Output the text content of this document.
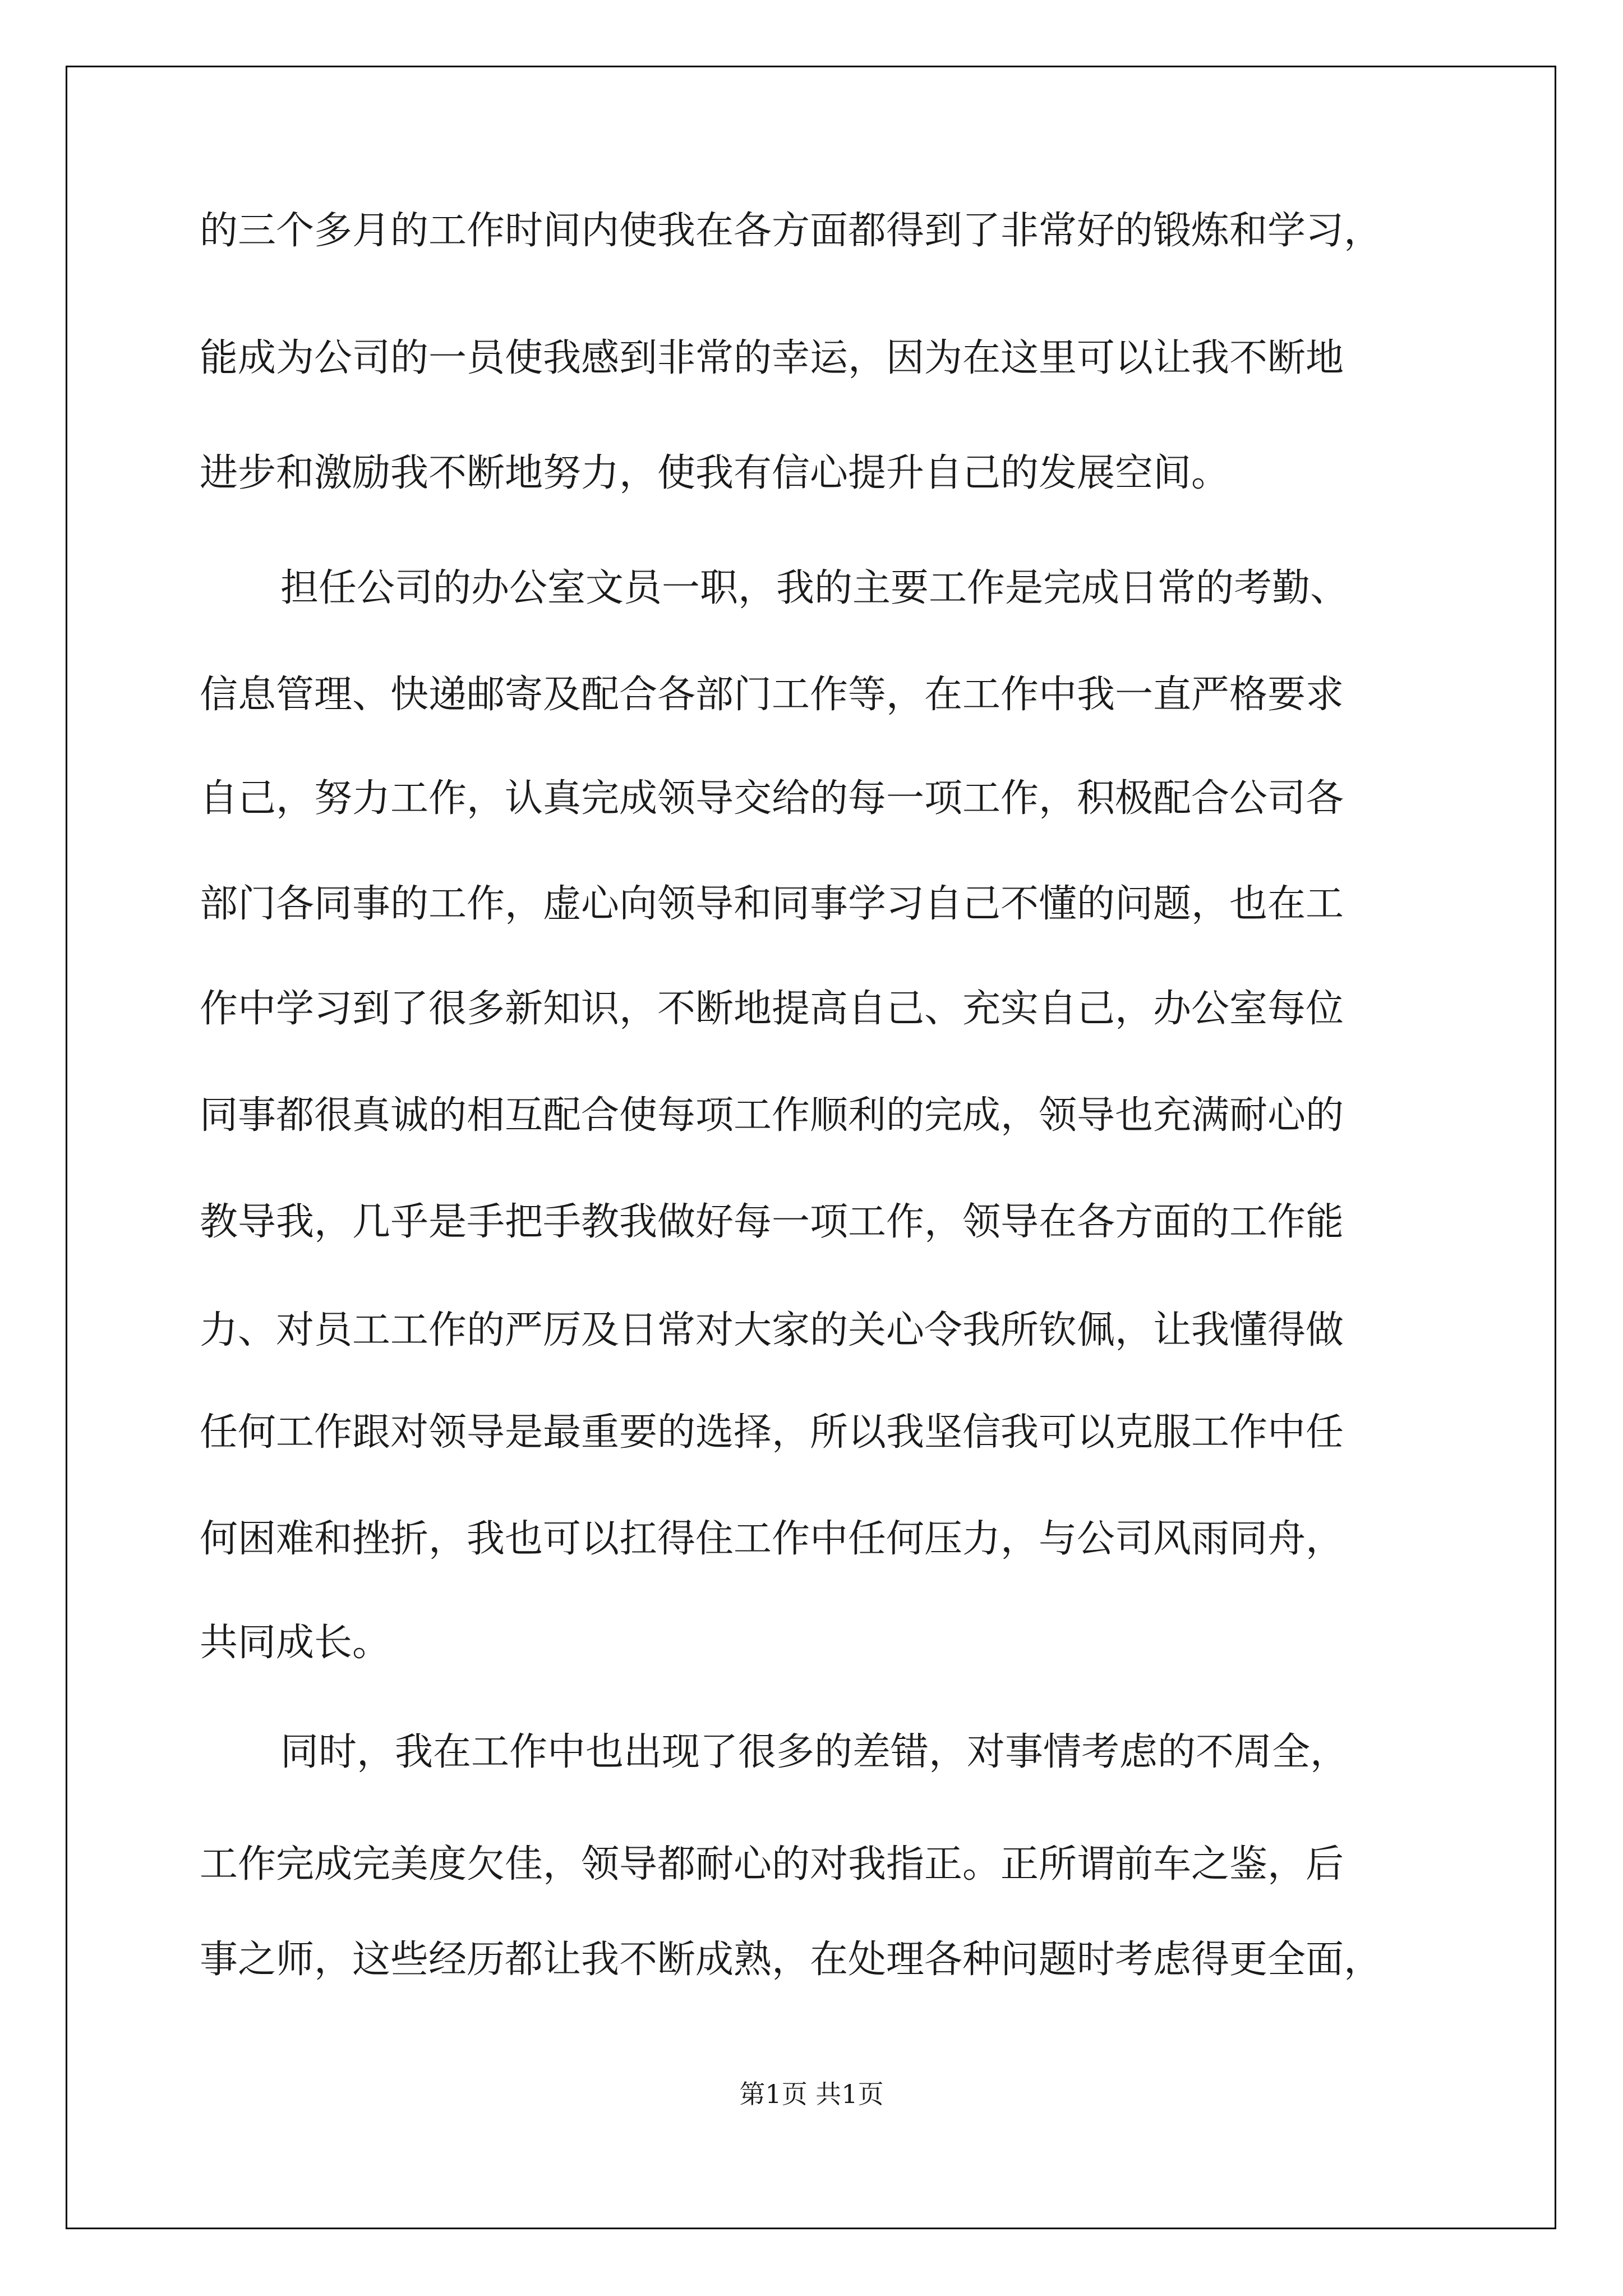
的三个多月的工作时间内使我在各方面都得到了非常好的锻炼和学习，
能成为公司的一员使我感到非常的幸运，因为在这里可以让我不断地
进步和激励我不断地努力，使我有信心提升自己的发展空间。
担任公司的办公室文员一职，我的主要工作是完成日常的考勤、
信息管理、快递邮寄及配合各部门工作等，在工作中我一直严格要求
自己，努力工作，认真完成领导交给的每一项工作，积极配合公司各
部门各同事的工作，虚心向领导和同事学习自己不懂的问题，也在工
作中学习到了很多新知识，不断地提高自己、充实自己，办公室每位
同事都很真诚的相互配合使每项工作顺利的完成，领导也充满耐心的
教导我，几乎是手把手教我做好每一项工作，领导在各方面的工作能
力、对员工工作的严厉及日常对大家的关心令我所钦佩，让我懂得做
任何工作跟对领导是最重要的选择，所以我坚信我可以克服工作中任
何困难和挫折，我也可以扛得住工作中任何压力，与公司风雨同舟，
共同成长。
同时，我在工作中也出现了很多的差错，对事情考虑的不周全，
工作完成完美度欠佳，领导都耐心的对我指正。正所谓前车之鉴，后
事之师，这些经历都让我不断成熟，在处理各种问题时考虑得更全面，
第1页 共1页
